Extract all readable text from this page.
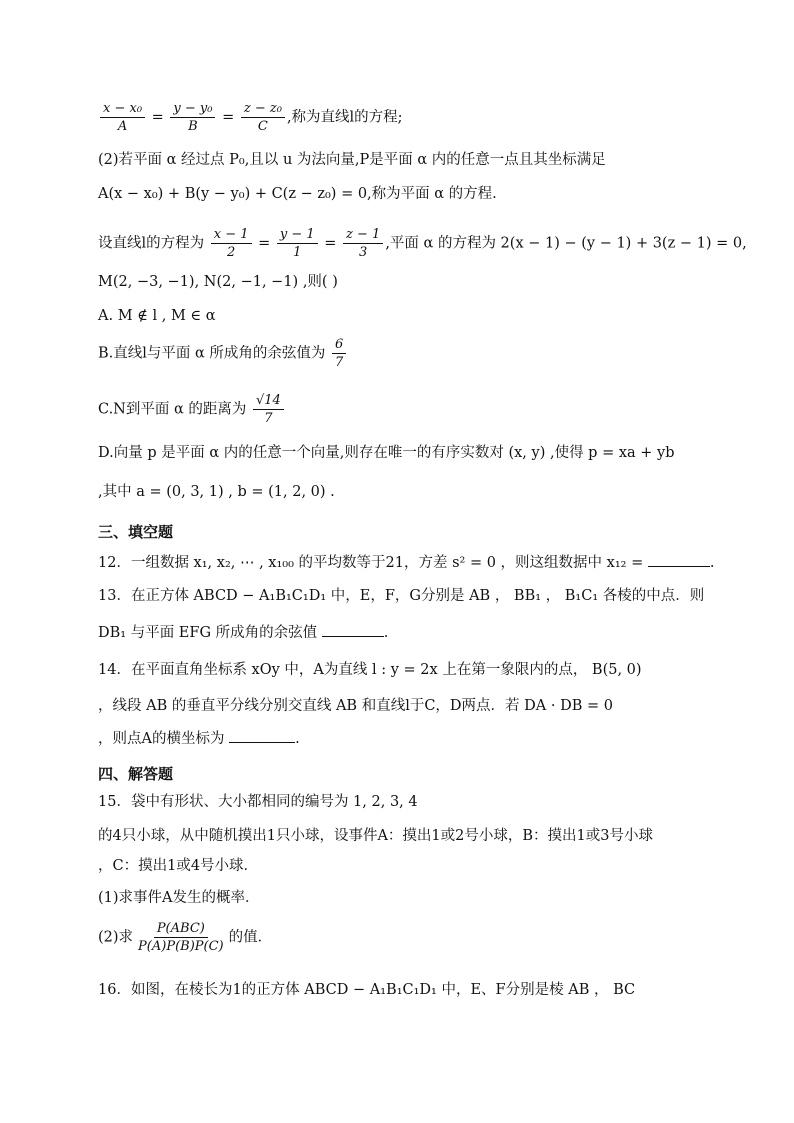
$\frac{\text{x − x₀}}{A} = \frac{\text{y − y₀}}{B} = \frac{\text{z − z₀}}{C}$ ,称为直线l的方程;
(2)若平面 α 经过点 P₀,且以 u 为法向量,P是平面 α 内的任意一点且其坐标满足
A(x − x₀) + B(y − y₀) + C(z − z₀) = 0,称为平面 α 的方程.
设直线l的方程为 $\frac{x - 1}{2} = \frac{y - 1}{1} = \frac{z - 1}{3}$ ,平面 α 的方程为 2(x − 1) − (y − 1) + 3(z − 1) = 0,
M(2, −3, −1), N(2, −1, −1) ,则( )
A. M ∉ l , M ∈ α
B.直线l与平面 α 所成角的余弦值为 $\frac{6}{7}$
C.N到平面 α 的距离为 $\frac{√14}{7}$
D.向量 p 是平面 α 内的任意一个向量,则存在唯一的有序实数对 (x, y) ,使得 p = xa + yb
,其中 a = (0, 3, 1) , b = (1, 2, 0) .
三、填空题
12．一组数据 x₁, x₂, ⋯ , x₁₀₀ 的平均数等于21，方差 s² = 0 ，则这组数据中 x₁₂ =	.
13．在正方体 ABCD − A₁B₁C₁D₁ 中，E，F，G分别是 AB ， BB₁ ， B₁C₁ 各棱的中点．则
DB₁ 与平面 EFG 所成角的余弦值	.
14．在平面直角坐标系 xOy 中，A为直线 l : y = 2x 上在第一象限内的点， B(5, 0)
，线段 AB 的垂直平分线分别交直线 AB 和直线l于C，D两点．若 DA · DB = 0
，则点A的横坐标为	.
四、解答题
15．袋中有形状、大小都相同的编号为 1, 2, 3, 4
的4只小球，从中随机摸出1只小球，设事件A：摸出1或2号小球，B：摸出1或3号小球
，C：摸出1或4号小球．
(1)求事件A发生的概率．
(2)求 $\frac{\text{P(ABC)}}{P(A)P(B)P(C)}$ 的值．
16．如图，在棱长为1的正方体 ABCD − A₁B₁C₁D₁ 中，E、F分别是棱 AB ， BC
